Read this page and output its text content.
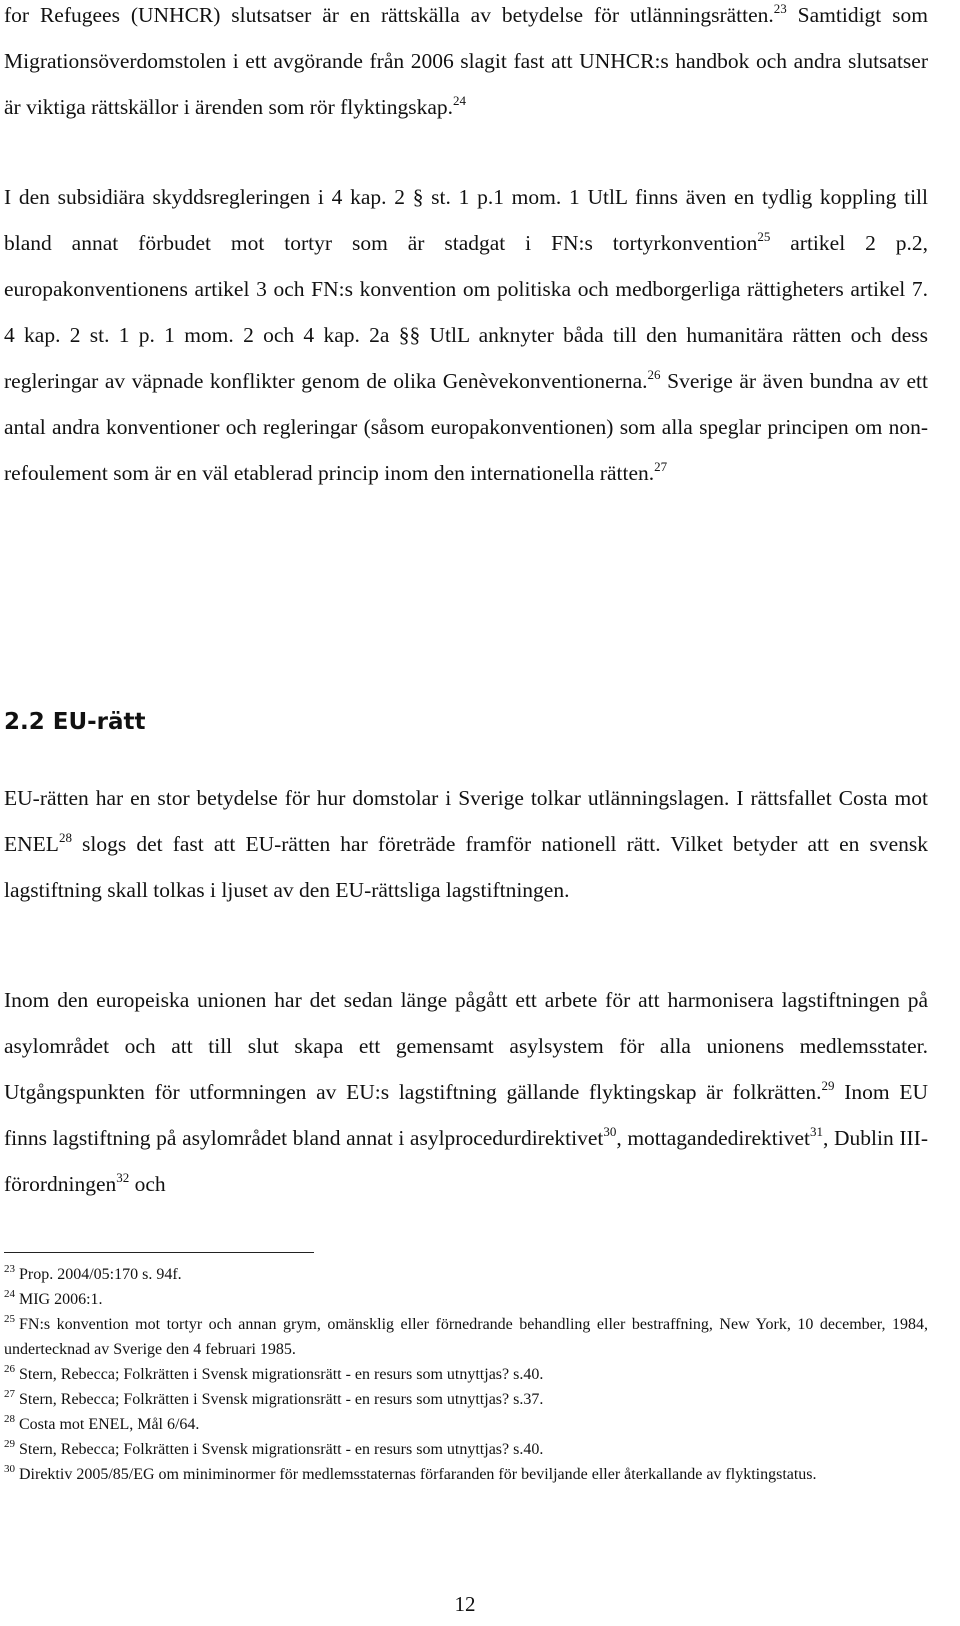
for Refugees (UNHCR) slutsatser är en rättskälla av betydelse för utlänningsrätten.$^{23}$ Samtidigt som Migrationsöverdomstolen i ett avgörande från 2006 slagit fast att UNHCR:s handbok och andra slutsatser är viktiga rättskällor i ärenden som rör flyktingskap.$^{24}$

I den subsidiära skyddsregleringen i 4 kap. 2 § st. 1 p.1 mom. 1 UtlL finns även en tydlig koppling till bland annat förbudet mot tortyr som är stadgat i FN:s tortyrkonvention$^{25}$ artikel 2 p.2, europakonventionens artikel 3 och FN:s konvention om politiska och medborgerliga rättigheters artikel 7. 4 kap. 2 st. 1 p. 1 mom. 2 och 4 kap. 2a §§ UtlL anknyter båda till den humanitära rätten och dess regleringar av väpnade konflikter genom de olika Genèvekonventionerna.$^{26}$ Sverige är även bundna av ett antal andra konventioner och regleringar (såsom europakonventionen) som alla speglar principen om non-refoulement som är en väl etablerad princip inom den internationella rätten.$^{27}$

2.2 EU-rätt

EU-rätten har en stor betydelse för hur domstolar i Sverige tolkar utlänningslagen. I rättsfallet Costa mot ENEL$^{28}$ slogs det fast att EU-rätten har företräde framför nationell rätt. Vilket betyder att en svensk lagstiftning skall tolkas i ljuset av den EU-rättsliga lagstiftningen.

Inom den europeiska unionen har det sedan länge pågått ett arbete för att harmonisera lagstiftningen på asylområdet och att till slut skapa ett gemensamt asylsystem för alla unionens medlemsstater. Utgångspunkten för utformningen av EU:s lagstiftning gällande flyktingskap är folkrätten.$^{29}$ Inom EU finns lagstiftning på asylområdet bland annat i asylprocedurdirektivet$^{30}$, mottagandedirektivet$^{31}$, Dublin III-förordningen$^{32}$ och

$^{23}$ Prop. 2004/05:170 s. 94f.

$^{24}$ MIG 2006:1.

$^{25}$ FN:s konvention mot tortyr och annan grym, omänsklig eller förnedrande behandling eller bestraffning, New York, 10 december, 1984, undertecknad av Sverige den 4 februari 1985.

$^{26}$ Stern, Rebecca; Folkrätten i Svensk migrationsrätt - en resurs som utnyttjas? s.40.

$^{27}$ Stern, Rebecca; Folkrätten i Svensk migrationsrätt - en resurs som utnyttjas? s.37.

$^{28}$ Costa mot ENEL, Mål 6/64.

$^{29}$ Stern, Rebecca; Folkrätten i Svensk migrationsrätt - en resurs som utnyttjas? s.40.

$^{30}$ Direktiv 2005/85/EG om miniminormer för medlemsstaternas förfaranden för beviljande eller återkallande av flyktingstatus.

12
